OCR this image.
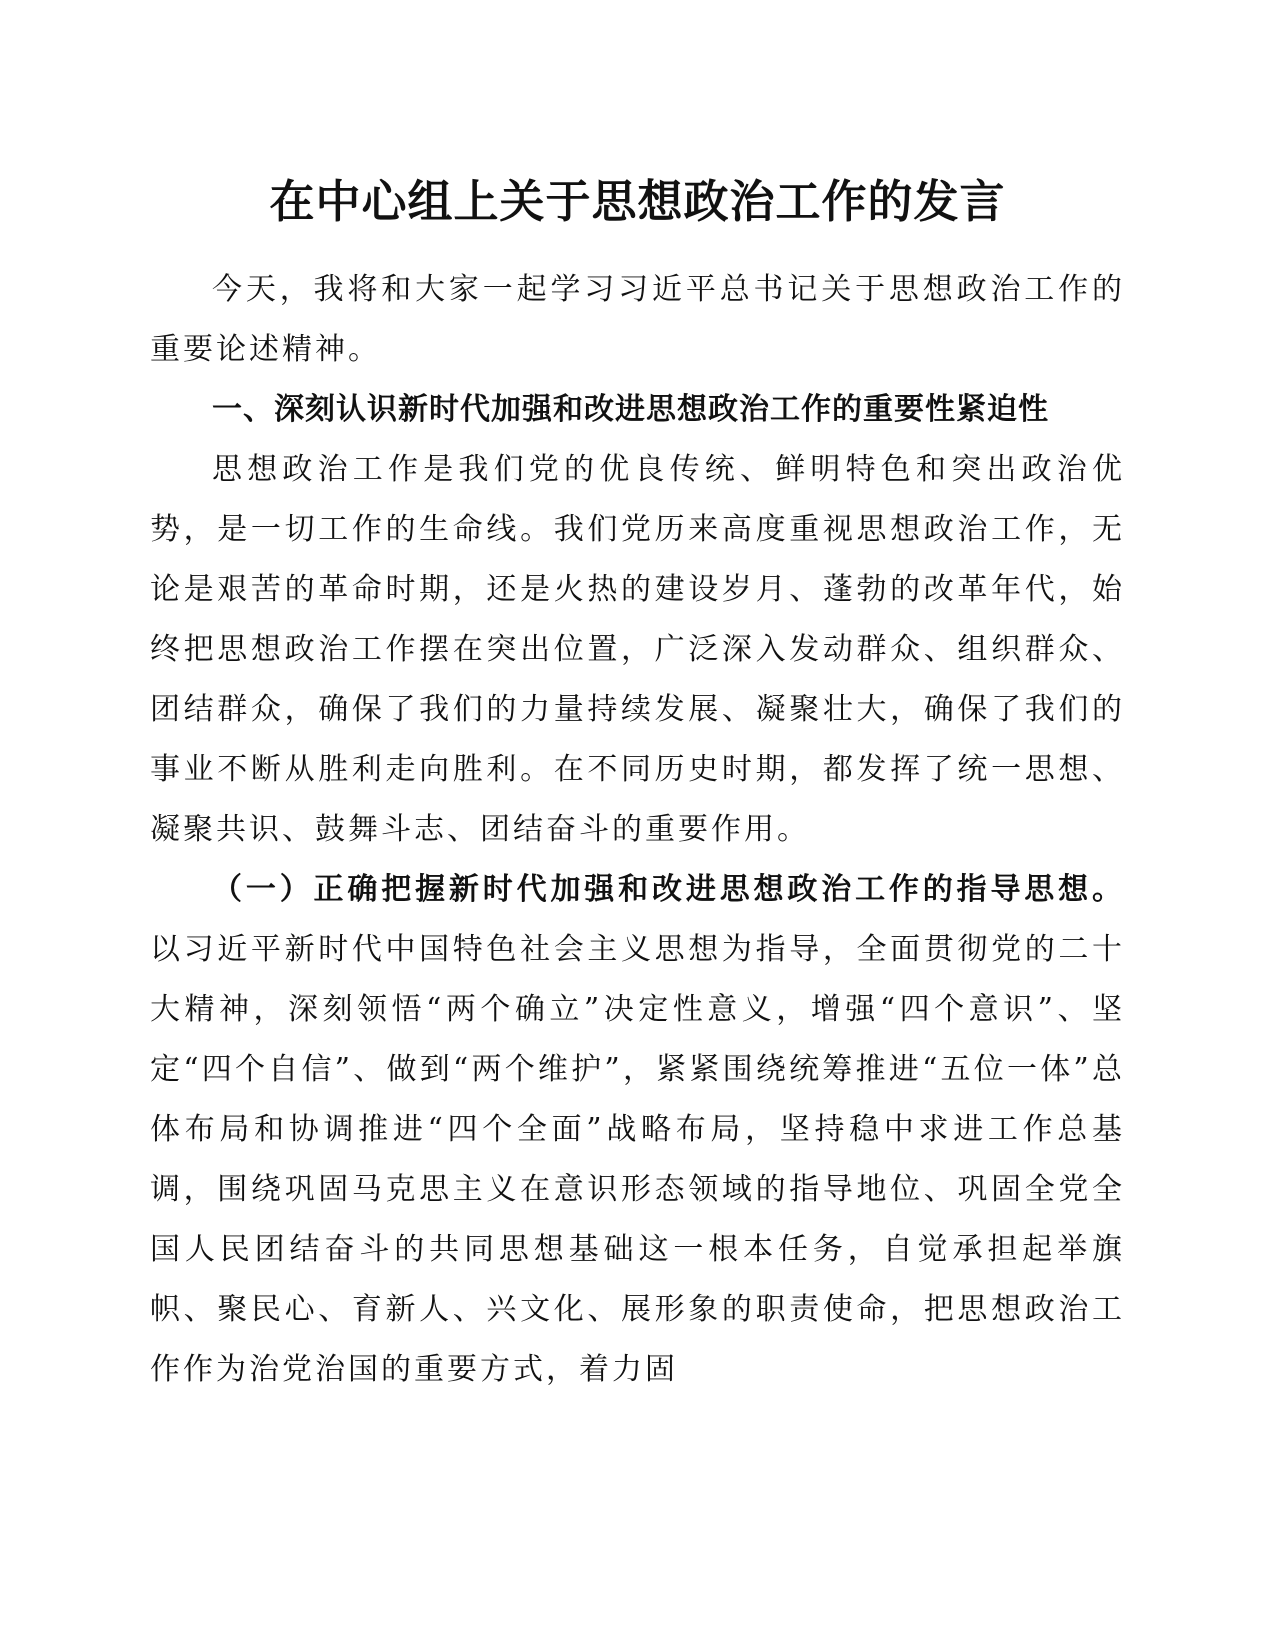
在中心组上关于思想政治工作的发言

今天，我将和大家一起学习习近平总书记关于思想政治工作的重要论述精神。

一、深刻认识新时代加强和改进思想政治工作的重要性紧迫性

思想政治工作是我们党的优良传统、鲜明特色和突出政治优势，是一切工作的生命线。我们党历来高度重视思想政治工作，无论是艰苦的革命时期，还是火热的建设岁月、蓬勃的改革年代，始终把思想政治工作摆在突出位置，广泛深入发动群众、组织群众、团结群众，确保了我们的力量持续发展、凝聚壮大，确保了我们的事业不断从胜利走向胜利。在不同历史时期，都发挥了统一思想、凝聚共识、鼓舞斗志、团结奋斗的重要作用。

（一）正确把握新时代加强和改进思想政治工作的指导思想。以习近平新时代中国特色社会主义思想为指导，全面贯彻党的二十大精神，深刻领悟“两个确立”决定性意义，增强“四个意识”、坚定“四个自信”、做到“两个维护”，紧紧围绕统筹推进“五位一体”总体布局和协调推进“四个全面”战略布局，坚持稳中求进工作总基调，围绕巩固马克思主义在意识形态领域的指导地位、巩固全党全国人民团结奋斗的共同思想基础这一根本任务，自觉承担起举旗帜、聚民心、育新人、兴文化、展形象的职责使命，把思想政治工作作为治党治国的重要方式，着力固
